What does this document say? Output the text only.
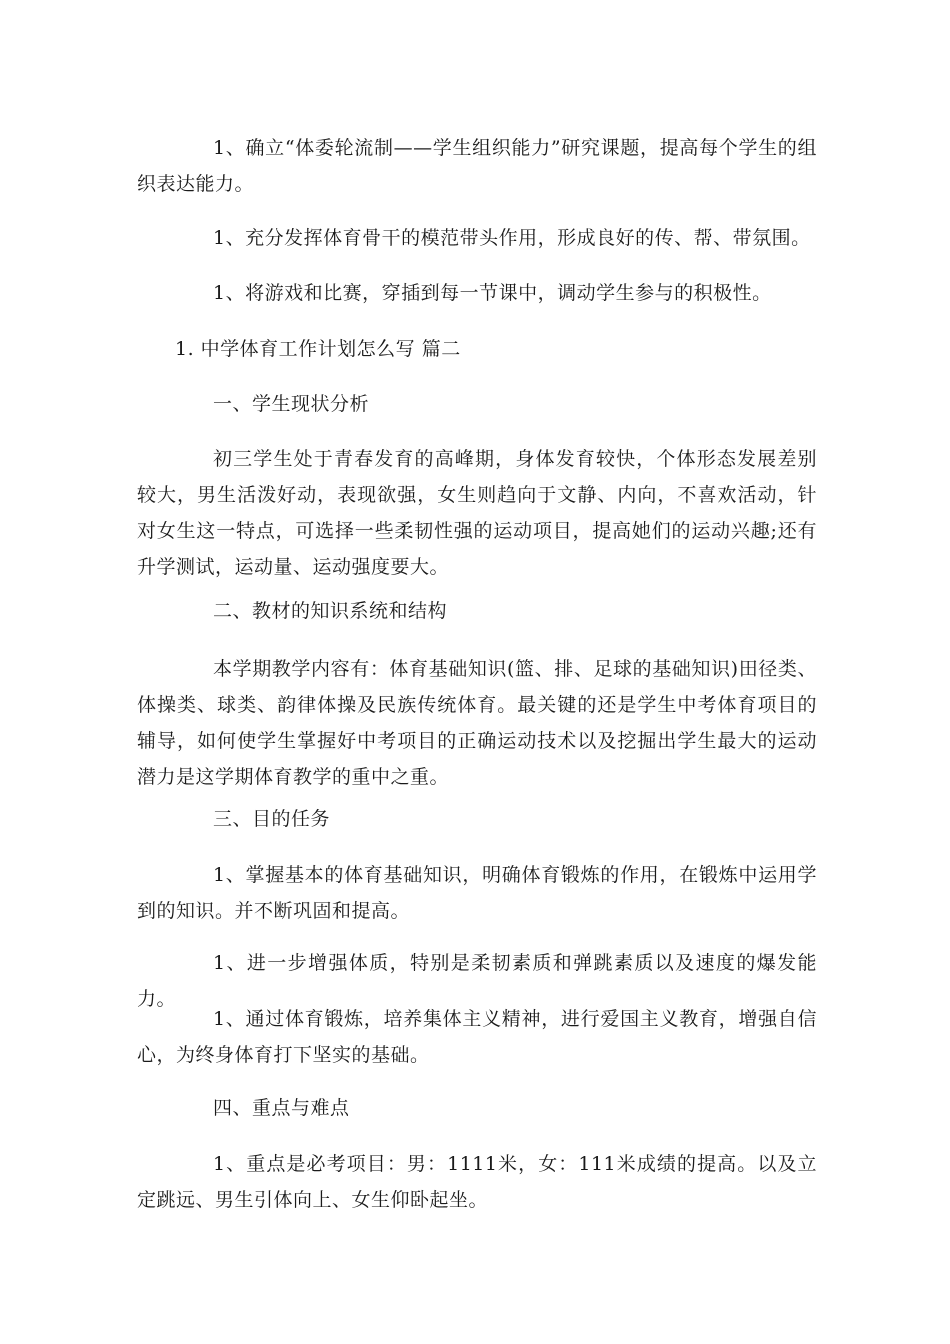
1、确立“体委轮流制——学生组织能力”研究课题，提高每个学生的组织表达能力。

1、充分发挥体育骨干的模范带头作用，形成良好的传、帮、带氛围。

1、将游戏和比赛，穿插到每一节课中，调动学生参与的积极性。

1. 中学体育工作计划怎么写 篇二

一、学生现状分析

初三学生处于青春发育的高峰期，身体发育较快，个体形态发展差别较大，男生活泼好动，表现欲强，女生则趋向于文静、内向，不喜欢活动，针对女生这一特点，可选择一些柔韧性强的运动项目，提高她们的运动兴趣;还有升学测试，运动量、运动强度要大。

二、教材的知识系统和结构

本学期教学内容有：体育基础知识(篮、排、足球的基础知识)田径类、体操类、球类、韵律体操及民族传统体育。最关键的还是学生中考体育项目的辅导，如何使学生掌握好中考项目的正确运动技术以及挖掘出学生最大的运动潜力是这学期体育教学的重中之重。

三、目的任务

1、掌握基本的体育基础知识，明确体育锻炼的作用，在锻炼中运用学到的知识。并不断巩固和提高。

1、进一步增强体质，特别是柔韧素质和弹跳素质以及速度的爆发能力。

1、通过体育锻炼，培养集体主义精神，进行爱国主义教育，增强自信心，为终身体育打下坚实的基础。

四、重点与难点

1、重点是必考项目：男：1111米，女：111米成绩的提高。以及立定跳远、男生引体向上、女生仰卧起坐。
